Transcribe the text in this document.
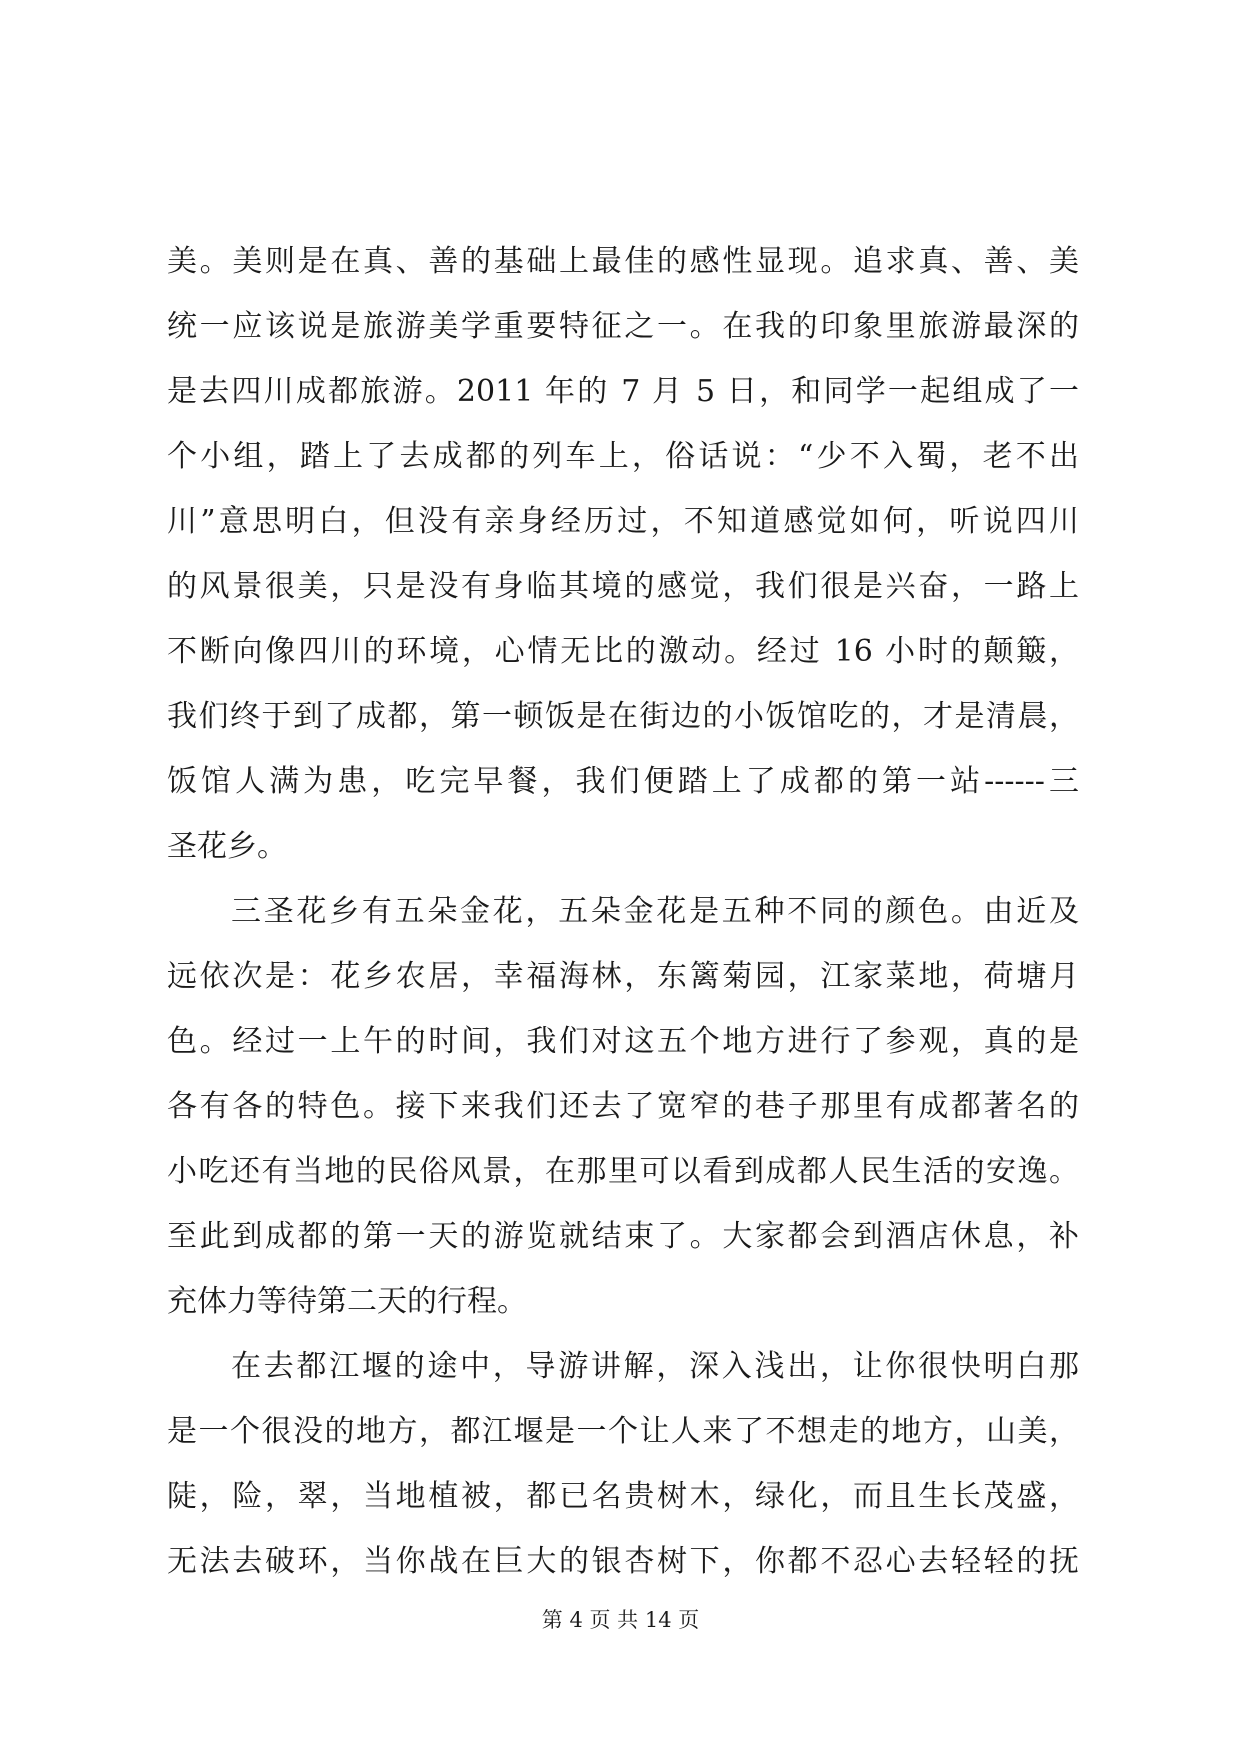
美。美则是在真、善的基础上最佳的感性显现。追求真、善、美
统一应该说是旅游美学重要特征之一。在我的印象里旅游最深的
是去四川成都旅游。2011 年的 7 月 5 日，和同学一起组成了一
个小组，踏上了去成都的列车上，俗话说：“少不入蜀，老不出
川”意思明白，但没有亲身经历过，不知道感觉如何，听说四川
的风景很美，只是没有身临其境的感觉，我们很是兴奋，一路上
不断向像四川的环境，心情无比的激动。经过 16 小时的颠簸，
我们终于到了成都，第一顿饭是在街边的小饭馆吃的，才是清晨，
饭馆人满为患，吃完早餐，我们便踏上了成都的第一站------三
圣花乡。
三圣花乡有五朵金花，五朵金花是五种不同的颜色。由近及
远依次是：花乡农居，幸福海林，东篱菊园，江家菜地，荷塘月
色。经过一上午的时间，我们对这五个地方进行了参观，真的是
各有各的特色。接下来我们还去了宽窄的巷子那里有成都著名的
小吃还有当地的民俗风景，在那里可以看到成都人民生活的安逸。
至此到成都的第一天的游览就结束了。大家都会到酒店休息，补
充体力等待第二天的行程。
在去都江堰的途中，导游讲解，深入浅出，让你很快明白那
是一个很没的地方，都江堰是一个让人来了不想走的地方，山美，
陡，险，翠，当地植被，都已名贵树木，绿化，而且生长茂盛，
无法去破环，当你战在巨大的银杏树下，你都不忍心去轻轻的抚
第 4 页 共 14 页
